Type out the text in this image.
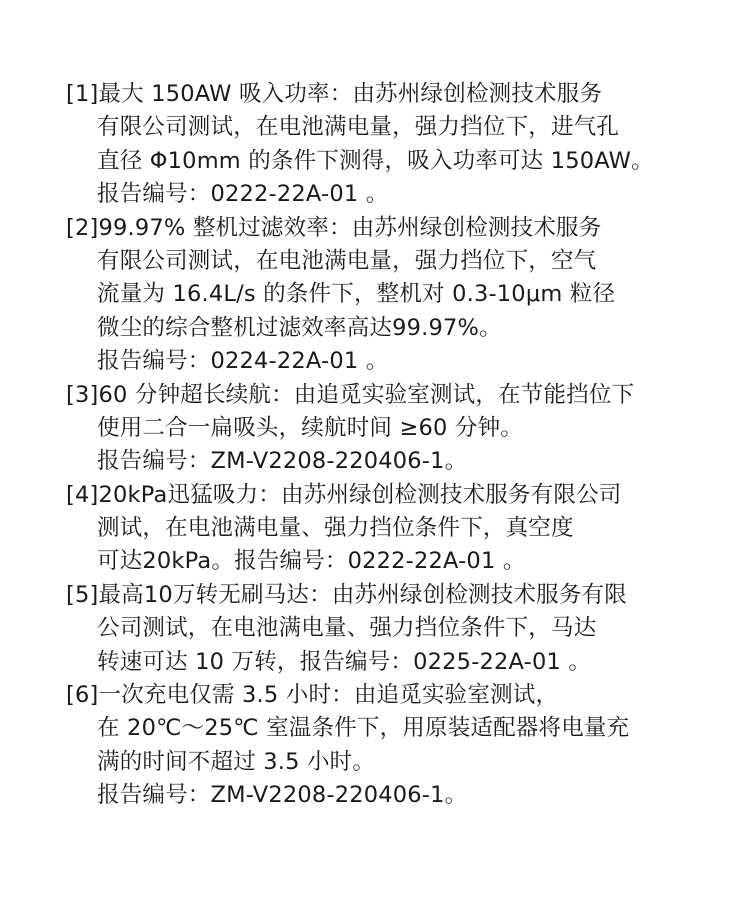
[1]最大 150AW 吸入功率：由苏州绿创检测技术服务
有限公司测试，在电池满电量，强力挡位下，进气孔
直径 Φ10mm 的条件下测得，吸入功率可达 150AW。
报告编号：0222-22A-01 。
[2]99.97% 整机过滤效率：由苏州绿创检测技术服务
有限公司测试，在电池满电量，强力挡位下，空气
流量为 16.4L/s 的条件下，整机对 0.3-10μm 粒径
微尘的综合整机过滤效率高达99.97%。
报告编号：0224-22A-01 。
[3]60 分钟超长续航：由追觅实验室测试，在节能挡位下
使用二合一扁吸头，续航时间 ≥60 分钟。
报告编号：ZM-V2208-220406-1。
[4]20kPa迅猛吸力：由苏州绿创检测技术服务有限公司
测试，在电池满电量、强力挡位条件下，真空度
可达20kPa。报告编号：0222-22A-01 。
[5]最高10万转无刷马达：由苏州绿创检测技术服务有限
公司测试，在电池满电量、强力挡位条件下，马达
转速可达 10 万转，报告编号：0225-22A-01 。
[6]一次充电仅需 3.5 小时：由追觅实验室测试，
在 20℃～25℃ 室温条件下，用原装适配器将电量充
满的时间不超过 3.5 小时。
报告编号：ZM-V2208-220406-1。
